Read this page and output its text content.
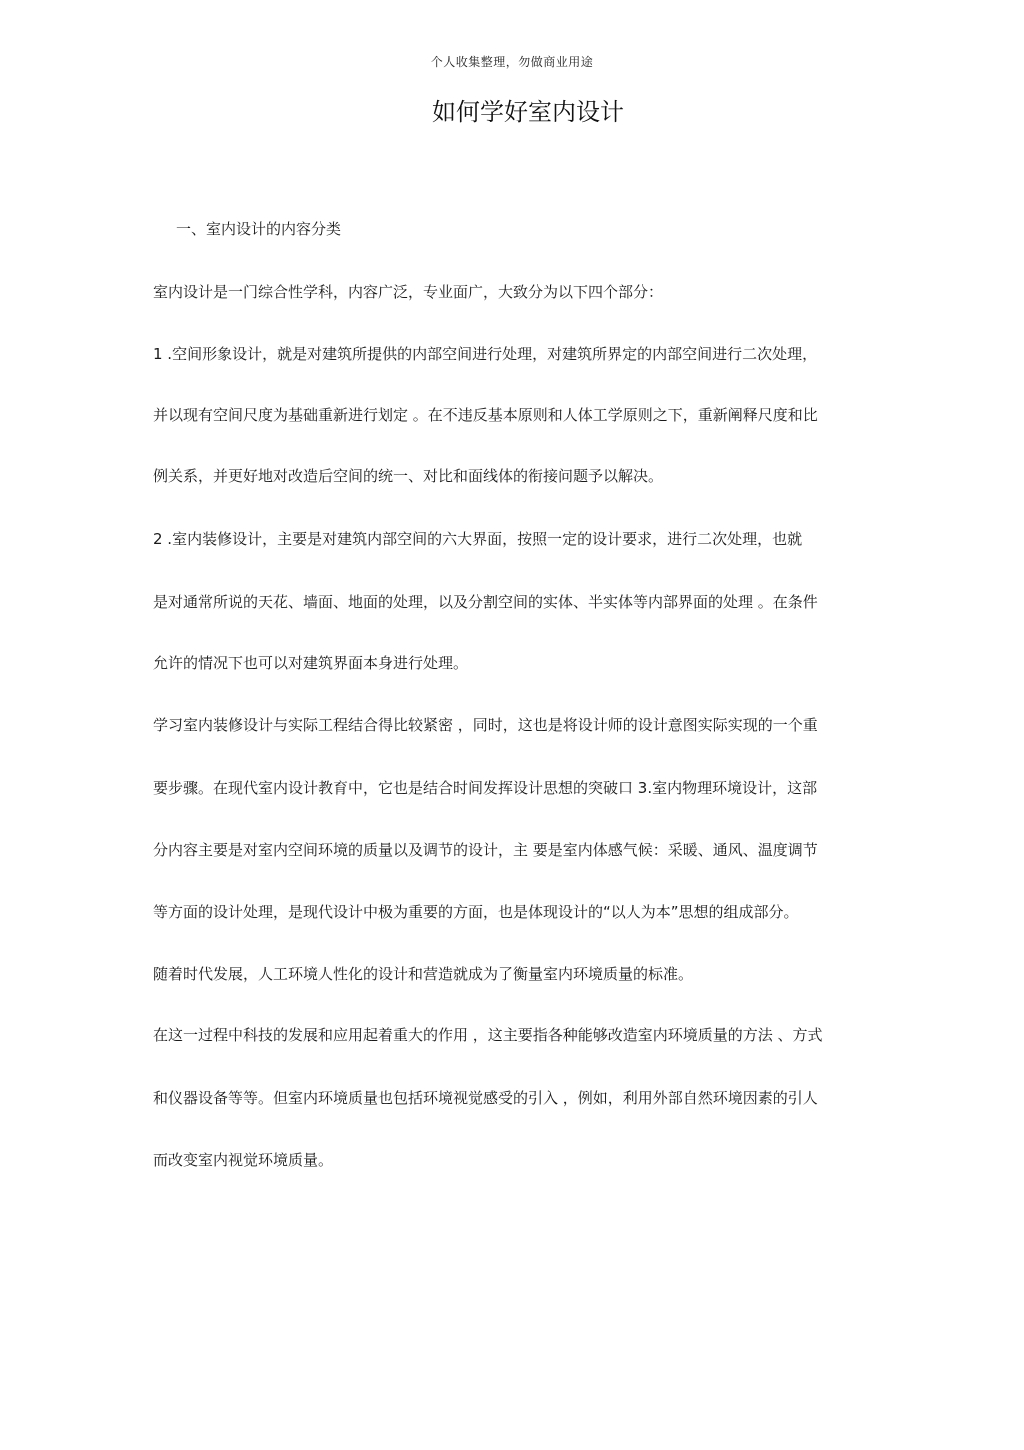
个人收集整理，勿做商业用途
如何学好室内设计
一、室内设计的内容分类
室内设计是一门综合性学科，内容广泛，专业面广，大致分为以下四个部分：
1 .空间形象设计，就是对建筑所提供的内部空间进行处理，对建筑所界定的内部空间进行二次处理，
并以现有空间尺度为基础重新进行划定 。在不违反基本原则和人体工学原则之下，重新阐释尺度和比
例关系，并更好地对改造后空间的统一、对比和面线体的衔接问题予以解决。
2 .室内装修设计，主要是对建筑内部空间的六大界面，按照一定的设计要求，进行二次处理，也就
是对通常所说的天花、墙面、地面的处理，以及分割空间的实体、半实体等内部界面的处理 。在条件
允许的情况下也可以对建筑界面本身进行处理。
学习室内装修设计与实际工程结合得比较紧密 ，同时，这也是将设计师的设计意图实际实现的一个重
要步骤。在现代室内设计教育中，它也是结合时间发挥设计思想的突破口 3.室内物理环境设计，这部
分内容主要是对室内空间环境的质量以及调节的设计，主 要是室内体感气候：采暖、通风、温度调节
等方面的设计处理，是现代设计中极为重要的方面，也是体现设计的“以人为本”思想的组成部分。
随着时代发展，人工环境人性化的设计和营造就成为了衡量室内环境质量的标准。
在这一过程中科技的发展和应用起着重大的作用 ，这主要指各种能够改造室内环境质量的方法 、方式
和仪器设备等等。但室内环境质量也包括环境视觉感受的引入 ，例如，利用外部自然环境因素的引人
而改变室内视觉环境质量。
